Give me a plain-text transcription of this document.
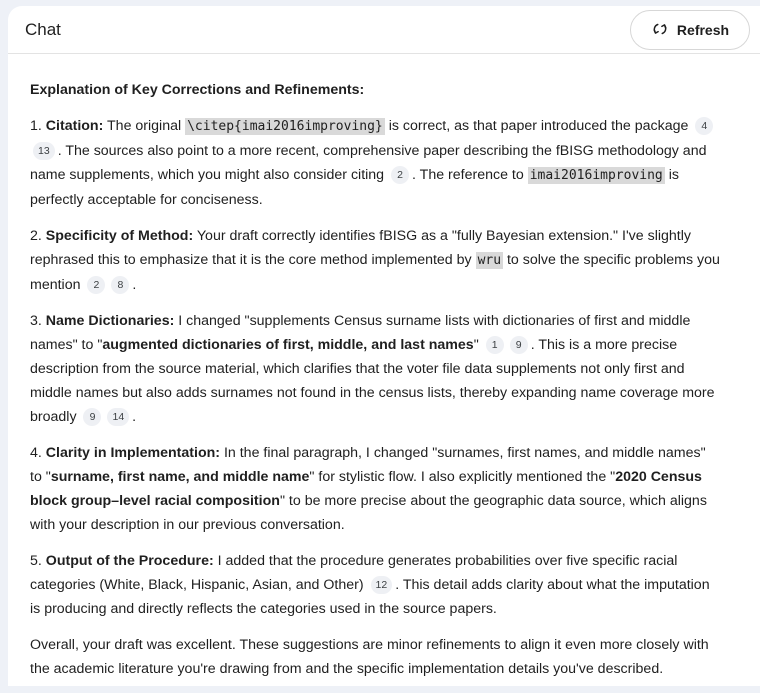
Chat	Refresh
Explanation of Key Corrections and Refinements:
1. Citation: The original \citep{imai2016improving} is correct, as that paper introduced the package 413 . The sources also point to a more recent, comprehensive paper describing the fBISG methodology and name supplements, which you might also consider citing 2 . The reference to imai2016improving is perfectly acceptable for conciseness.
2. Specificity of Method: Your draft correctly identifies fBISG as a "fully Bayesian extension." I've slightly rephrased this to emphasize that it is the core method implemented by wru to solve the specific problems you mention 2 8 .
3. Name Dictionaries: I changed "supplements Census surname lists with dictionaries of first and middle names" to "augmented dictionaries of first, middle, and last names" 1 9 . This is a more precise description from the source material, which clarifies that the voter file data supplements not only first and middle names but also adds surnames not found in the census lists, thereby expanding name coverage more broadly 9 14 .
4. Clarity in Implementation: In the final paragraph, I changed "surnames, first names, and middle names" to "surname, first name, and middle name" for stylistic flow. I also explicitly mentioned the "2020 Census block group–level racial composition" to be more precise about the geographic data source, which aligns with your description in our previous conversation.
5. Output of the Procedure: I added that the procedure generates probabilities over five specific racial categories (White, Black, Hispanic, Asian, and Other) 12 . This detail adds clarity about what the imputation is producing and directly reflects the categories used in the source papers.
Overall, your draft was excellent. These suggestions are minor refinements to align it even more closely with the academic literature you're drawing from and the specific implementation details you've described.
